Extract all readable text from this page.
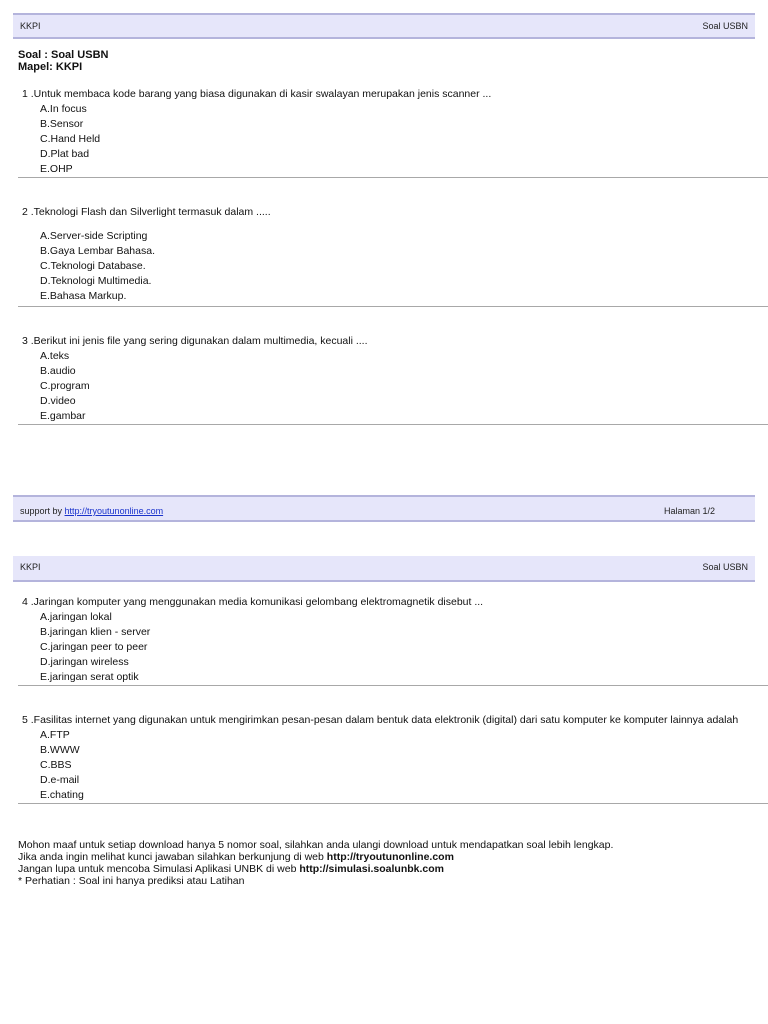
KKPI	Soal USBN
Soal : Soal USBN
Mapel: KKPI
1 .Untuk membaca kode barang yang biasa digunakan di kasir swalayan merupakan jenis scanner ...
A.In focus
B.Sensor
C.Hand Held
D.Plat bad
E.OHP
2 .Teknologi Flash dan Silverlight termasuk dalam .....
A.Server-side Scripting
B.Gaya Lembar Bahasa.
C.Teknologi Database.
D.Teknologi Multimedia.
E.Bahasa Markup.
3 .Berikut ini jenis file yang sering digunakan dalam multimedia, kecuali ....
A.teks
B.audio
C.program
D.video
E.gambar
support by http://tryoutunonline.com	Halaman 1/2
KKPI	Soal USBN
4 .Jaringan komputer yang menggunakan media komunikasi gelombang elektromagnetik disebut ...
A.jaringan lokal
B.jaringan klien - server
C.jaringan peer to peer
D.jaringan wireless
E.jaringan serat optik
5 .Fasilitas internet yang digunakan untuk mengirimkan pesan-pesan dalam bentuk data elektronik (digital) dari satu komputer ke komputer lainnya adalah
A.FTP
B.WWW
C.BBS
D.e-mail
E.chating
Mohon maaf untuk setiap download hanya 5 nomor soal, silahkan anda ulangi download untuk mendapatkan soal lebih lengkap.
Jika anda ingin melihat kunci jawaban silahkan berkunjung di web http://tryoutunonline.com
Jangan lupa untuk mencoba Simulasi Aplikasi UNBK di web http://simulasi.soalunbk.com
* Perhatian : Soal ini hanya prediksi atau Latihan
